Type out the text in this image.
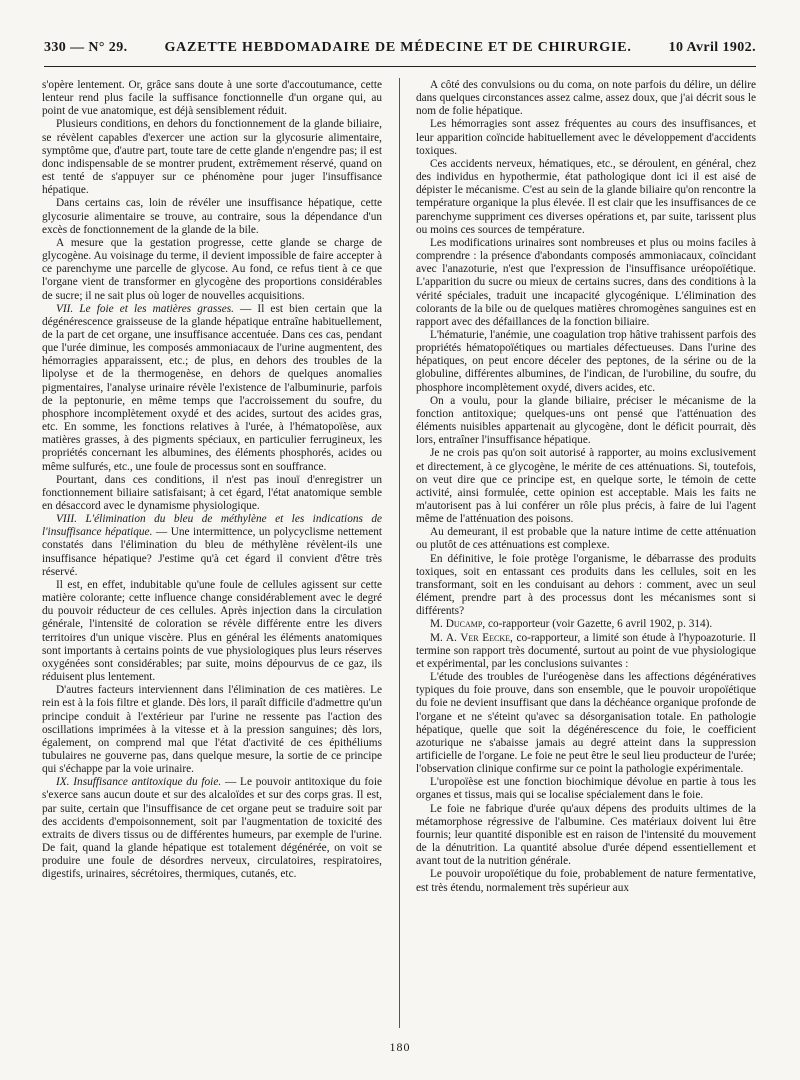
330 — N° 29.	GAZETTE HEBDOMADAIRE DE MÉDECINE ET DE CHIRURGIE.	10 Avril 1902.

s'opère lentement. Or, grâce sans doute à une sorte d'accoutumance, cette lenteur rend plus facile la suffisance fonctionnelle d'un organe qui, au point de vue anatomique, est déjà sensiblement réduit.

Plusieurs conditions, en dehors du fonctionnement de la glande biliaire, se révèlent capables d'exercer une action sur la glycosurie alimentaire, symptôme que, d'autre part, toute tare de cette glande n'engendre pas; il est donc indispensable de se montrer prudent, extrêmement réservé, quand on est tenté de s'appuyer sur ce phénomène pour juger l'insuffisance hépatique.

Dans certains cas, loin de révéler une insuffisance hépatique, cette glycosurie alimentaire se trouve, au contraire, sous la dépendance d'un excès de fonctionnement de la glande de la bile.

A mesure que la gestation progresse, cette glande se charge de glycogène. Au voisinage du terme, il devient impossible de faire accepter à ce parenchyme une parcelle de glycose. Au fond, ce refus tient à ce que l'organe vient de transformer en glycogène des proportions considérables de sucre; il ne sait plus où loger de nouvelles acquisitions.

VII. Le foie et les matières grasses. — Il est bien certain que la dégénérescence graisseuse de la glande hépatique entraîne habituellement, de la part de cet organe, une insuffisance accentuée. Dans ces cas, pendant que l'urée diminue, les composés ammoniacaux de l'urine augmentent, des hémorragies apparaissent, etc.; de plus, en dehors des troubles de la lipolyse et de la thermogenèse, en dehors de quelques anomalies pigmentaires, l'analyse urinaire révèle l'existence de l'albuminurie, parfois de la peptonurie, en même temps que l'accroissement du soufre, du phosphore incomplètement oxydé et des acides, surtout des acides gras, etc. En somme, les fonctions relatives à l'urée, à l'hématopoïèse, aux matières grasses, à des pigments spéciaux, en particulier ferrugineux, les propriétés concernant les albumines, des éléments phosphorés, acides ou même sulfurés, etc., une foule de processus sont en souffrance.

Pourtant, dans ces conditions, il n'est pas inouï d'enregistrer un fonctionnement biliaire satisfaisant; à cet égard, l'état anatomique semble en désaccord avec le dynamisme physiologique.

VIII. L'élimination du bleu de méthylène et les indications de l'insuffisance hépatique. — Une intermittence, un polycyclisme nettement constatés dans l'élimination du bleu de méthylène révèlent-ils une insuffisance hépatique? J'estime qu'à cet égard il convient d'être très réservé.

Il est, en effet, indubitable qu'une foule de cellules agissent sur cette matière colorante; cette influence change considérablement avec le degré du pouvoir réducteur de ces cellules. Après injection dans la circulation générale, l'intensité de coloration se révèle différente entre les divers territoires d'un unique viscère. Plus en général les éléments anatomiques sont importants à certains points de vue physiologiques plus leurs réserves oxygénées sont considérables; par suite, moins dépourvus de ce gaz, ils réduisent plus lentement.

D'autres facteurs interviennent dans l'élimination de ces matières. Le rein est à la fois filtre et glande. Dès lors, il paraît difficile d'admettre qu'un principe conduit à l'extérieur par l'urine ne ressente pas l'action des oscillations imprimées à la vitesse et à la pression sanguines; dès lors, également, on comprend mal que l'état d'activité de ces épithéliums tubulaires ne gouverne pas, dans quelque mesure, la sortie de ce principe qui s'échappe par la voie urinaire.

IX. Insuffisance antitoxique du foie. — Le pouvoir antitoxique du foie s'exerce sans aucun doute et sur des alcaloïdes et sur des corps gras. Il est, par suite, certain que l'insuffisance de cet organe peut se traduire soit par des accidents d'empoisonnement, soit par l'augmentation de toxicité des extraits de divers tissus ou de différentes humeurs, par exemple de l'urine. De fait, quand la glande hépatique est totalement dégénérée, on voit se produire une foule de désordres nerveux, circulatoires, respiratoires, digestifs, urinaires, sécrétoires, thermiques, cutanés, etc.

A côté des convulsions ou du coma, on note parfois du délire, un délire dans quelques circonstances assez calme, assez doux, que j'ai décrit sous le nom de folie hépatique.

Les hémorragies sont assez fréquentes au cours des insuffisances, et leur apparition coïncide habituellement avec le développement d'accidents toxiques.

Ces accidents nerveux, hématiques, etc., se déroulent, en général, chez des individus en hypothermie, état pathologique dont ici il est aisé de dépister le mécanisme. C'est au sein de la glande biliaire qu'on rencontre la température organique la plus élevée. Il est clair que les insuffisances de ce parenchyme suppriment ces diverses opérations et, par suite, tarissent plus ou moins ces sources de température.

Les modifications urinaires sont nombreuses et plus ou moins faciles à comprendre : la présence d'abondants composés ammoniacaux, coïncidant avec l'anazoturie, n'est que l'expression de l'insuffisance uréopoïétique. L'apparition du sucre ou mieux de certains sucres, dans des conditions à la vérité spéciales, traduit une incapacité glycogénique. L'élimination des colorants de la bile ou de quelques matières chromogènes sanguines est en rapport avec des défaillances de la fonction biliaire.

L'hématurie, l'anémie, une coagulation trop hâtive trahissent parfois des propriétés hématopoïétiques ou martiales défectueuses. Dans l'urine des hépatiques, on peut encore déceler des peptones, de la sérine ou de la globuline, différentes albumines, de l'indican, de l'urobiline, du soufre, du phosphore incomplètement oxydé, divers acides, etc.

On a voulu, pour la glande biliaire, préciser le mécanisme de la fonction antitoxique; quelques-uns ont pensé que l'atténuation des éléments nuisibles appartenait au glycogène, dont le déficit pourrait, dès lors, entraîner l'insuffisance hépatique.

Je ne crois pas qu'on soit autorisé à rapporter, au moins exclusivement et directement, à ce glycogène, le mérite de ces atténuations. Si, toutefois, on veut dire que ce principe est, en quelque sorte, le témoin de cette activité, ainsi formulée, cette opinion est acceptable. Mais les faits ne m'autorisent pas à lui conférer un rôle plus précis, à faire de lui l'agent même de l'atténuation des poisons.

Au demeurant, il est probable que la nature intime de cette atténuation ou plutôt de ces atténuations est complexe.

En définitive, le foie protège l'organisme, le débarrasse des produits toxiques, soit en entassant ces produits dans les cellules, soit en les transformant, soit en les conduisant au dehors : comment, avec un seul élément, prendre part à des processus dont les mécanismes sont si différents?

M. Ducamp, co-rapporteur (voir Gazette, 6 avril 1902, p. 314).

M. A. Ver Eecke, co-rapporteur, a limité son étude à l'hypoazoturie. Il termine son rapport très documenté, surtout au point de vue physiologique et expérimental, par les conclusions suivantes :

L'étude des troubles de l'uréogenèse dans les affections dégénératives typiques du foie prouve, dans son ensemble, que le pouvoir uropoïétique du foie ne devient insuffisant que dans la déchéance organique profonde de l'organe et ne s'éteint qu'avec sa désorganisation totale. En pathologie hépatique, quelle que soit la dégénérescence du foie, le coefficient azoturique ne s'abaisse jamais au degré atteint dans la suppression artificielle de l'organe. Le foie ne peut être le seul lieu producteur de l'urée; l'observation clinique confirme sur ce point la pathologie expérimentale.

L'uropoïèse est une fonction biochimique dévolue en partie à tous les organes et tissus, mais qui se localise spécialement dans le foie.

Le foie ne fabrique d'urée qu'aux dépens des produits ultimes de la métamorphose régressive de l'albumine. Ces matériaux doivent lui être fournis; leur quantité disponible est en raison de l'intensité du mouvement de la dénutrition. La quantité absolue d'urée dépend essentiellement et avant tout de la nutrition générale.

Le pouvoir uropoïétique du foie, probablement de nature fermentative, est très étendu, normalement très supérieur aux

180
